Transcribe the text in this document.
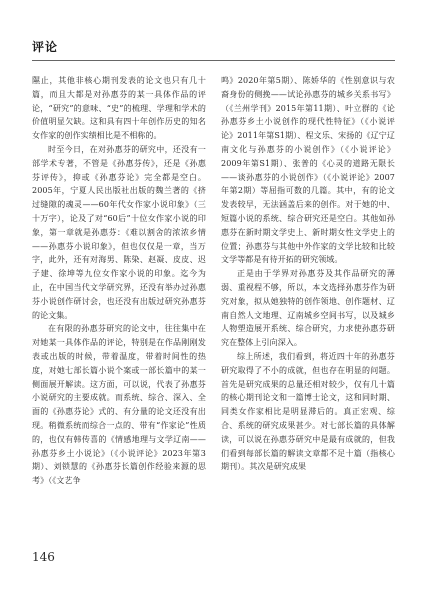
评论

隰止，其他非核心期刊发表的论文也只有几十篇，而且大都是对孙惠芬的某一具体作品的评论，“研究”的意味、“史”的梳理、学理和学术的价值明显欠缺。这和具有四十年创作历史的知名女作家的创作实绩相比是不相称的。

时至今日，在对孙惠芬的研究中，还没有一部学术专著，不管是《孙惠芬传》，还是《孙惠芬评传》，抑或《孙惠芬论》完全都是空白。2005年，宁夏人民出版社出版的魏兰著的《挤过缝隙的魂灵——60年代女作家小说印象》（三十万字），论及了对“60后”十位女作家小说的印象，第一章就是孙惠芬：《难以割舍的浓浓乡情——孙惠芬小说印象》，但也仅仅是一章，当万字，此外，还有对海男、陈染、赵凝、皮皮、迟子建、徐坤等九位女作家小说的印象。迄今为止，在中国当代文学研究界，还没有举办过孙惠芬小说创作研讨会，也还没有出版过研究孙惠芬的论文集。

在有限的孙惠芬研究的论文中，往往集中在对她某一具体作品的评论，特别是在作品刚刚发表或出版的时候，带着温度，带着时间性的热度，对她七部长篇小说个案或一部长篇中的某一侧面展开解读。这方面，可以说，代表了孙惠芬小说研究的主要成就。而系统、综合、深入、全面的《孙惠芬论》式的、有分量的论文还没有出现。稍微系统而综合一点的、带有“作家论”性质的，也仅有韩传喜的《情感地理与文学辽南——孙惠芬乡土小说论》（《小说评论》2023年第3期）、刘锁慧的《孙惠芬长篇创作经验来源的思考》（《文艺争

鸣》2020年第5期）、陈娇华的《性别意识与农裔身份的侧挽——试论孙惠芬的城乡关系书写》（《兰州学刊》2015年第11期）、叶立群的《论孙惠芬乡土小说创作的现代性特征》（《小说评论》2011年第S1期）、程文乐、宋扬的《辽宁辽南文化与孙惠芬的小说创作》（《小说评论》2009年第S1期）、张普的《心灵的道路无限长——谈孙惠芬的小说创作》（《小说评论》2007年第2期）等屈指可数的几篇。其中，有的论文发表较早，无法涵盖后来的创作。对于她的中、短篇小说的系统、综合研究还是空白。其他如孙惠芬在新时期文学史上、新时期女性文学史上的位置；孙惠芬与其他中外作家的文学比较和比较文学等都是有待开拓的研究领域。

正是由于学界对孙惠芬及其作品研究的薄弱、重视程不够，所以，本文选择孙惠芬作为研究对象，拟从她独特的创作领地、创作题材、辽南自然人文地理、辽南城乡空间书写，以及城乡人物塑造展开系统、综合研究，力求使孙惠芬研究在整体上引向深入。

综上所述，我们看到，将近四十年的孙惠芬研究取得了不小的成就，但也存在明显的问题。首先是研究成果的总量还相对较少，仅有几十篇的核心期刊论文和一篇博士论文，这和同时期、同类女作家相比是明显滞后的。真正宏观、综合、系统的研究成果甚少。对七部长篇的具体解读，可以说在孙惠芬研究中是最有成就的，但我们看到每部长篇的解读文章都不足十篇（指核心期刊）。其次是研究成果

146
